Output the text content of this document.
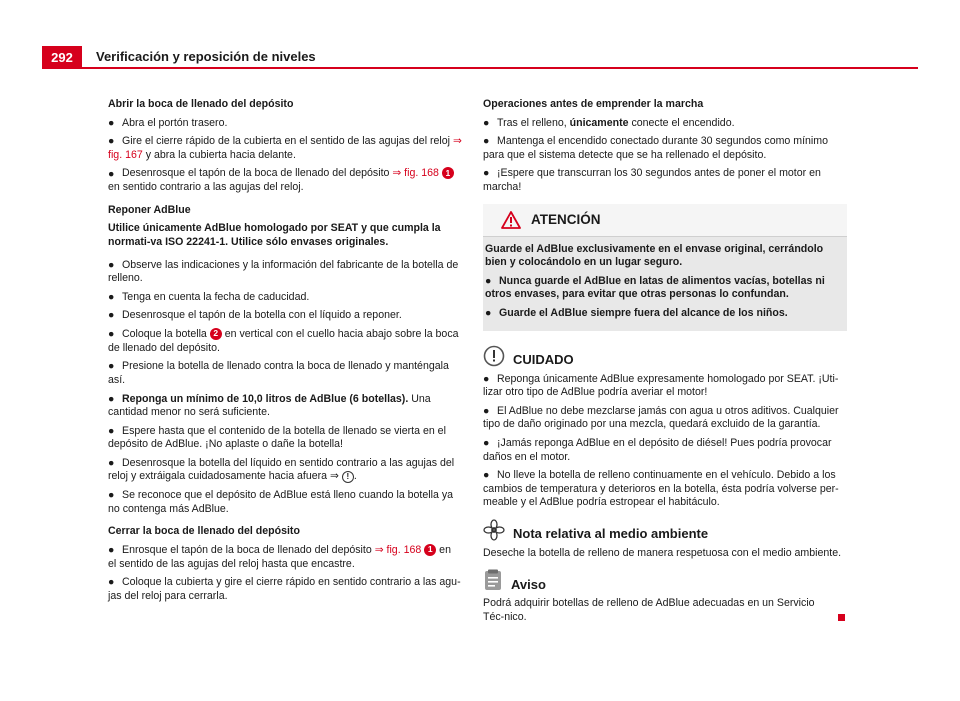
292	Verificación y reposición de niveles
Abrir la boca de llenado del depósito
● Abra el portón trasero.
● Gire el cierre rápido de la cubierta en el sentido de las agujas del reloj ⇒ fig. 167 y abra la cubierta hacia delante.
● Desenrosque el tapón de la boca de llenado del depósito ⇒ fig. 168 1 en sentido contrario a las agujas del reloj.
Reponer AdBlue
Utilice únicamente AdBlue homologado por SEAT y que cumpla la normati-va ISO 22241-1. Utilice sólo envases originales.
● Observe las indicaciones y la información del fabricante de la botella de relleno.
● Tenga en cuenta la fecha de caducidad.
● Desenrosque el tapón de la botella con el líquido a reponer.
● Coloque la botella 2 en vertical con el cuello hacia abajo sobre la boca de llenado del depósito.
● Presione la botella de llenado contra la boca de llenado y manténgala así.
● Reponga un mínimo de 10,0 litros de AdBlue (6 botellas). Una cantidad menor no será suficiente.
● Espere hasta que el contenido de la botella de llenado se vierta en el depósito de AdBlue. ¡No aplaste o dañe la botella!
● Desenrosque la botella del líquido en sentido contrario a las agujas del reloj y extráigala cuidadosamente hacia afuera ⇒ ! .
● Se reconoce que el depósito de AdBlue está lleno cuando la botella ya no contenga más AdBlue.
Cerrar la boca de llenado del depósito
● Enrosque el tapón de la boca de llenado del depósito ⇒ fig. 168 1 en el sentido de las agujas del reloj hasta que encastre.
● Coloque la cubierta y gire el cierre rápido en sentido contrario a las agu-jas del reloj para cerrarla.
Operaciones antes de emprender la marcha
● Tras el relleno, únicamente conecte el encendido.
● Mantenga el encendido conectado durante 30 segundos como mínimo para que el sistema detecte que se ha rellenado el depósito.
● ¡Espere que transcurran los 30 segundos antes de poner el motor en marcha!
ATENCIÓN
Guarde el AdBlue exclusivamente en el envase original, cerrándolo bien y colocándolo en un lugar seguro.
● Nunca guarde el AdBlue en latas de alimentos vacías, botellas ni otros envases, para evitar que otras personas lo confundan.
● Guarde el AdBlue siempre fuera del alcance de los niños.
CUIDADO
● Reponga únicamente AdBlue expresamente homologado por SEAT. ¡Uti-lizar otro tipo de AdBlue podría averiar el motor!
● El AdBlue no debe mezclarse jamás con agua u otros aditivos. Cualquier tipo de daño originado por una mezcla, quedará excluido de la garantía.
● ¡Jamás reponga AdBlue en el depósito de diésel! Pues podría provocar daños en el motor.
● No lleve la botella de relleno continuamente en el vehículo. Debido a los cambios de temperatura y deterioros en la botella, ésta podría volverse per-meable y el AdBlue podría estropear el habitáculo.
Nota relativa al medio ambiente
Deseche la botella de relleno de manera respetuosa con el medio ambiente.
Aviso
Podrá adquirir botellas de relleno de AdBlue adecuadas en un Servicio Téc-nico.
